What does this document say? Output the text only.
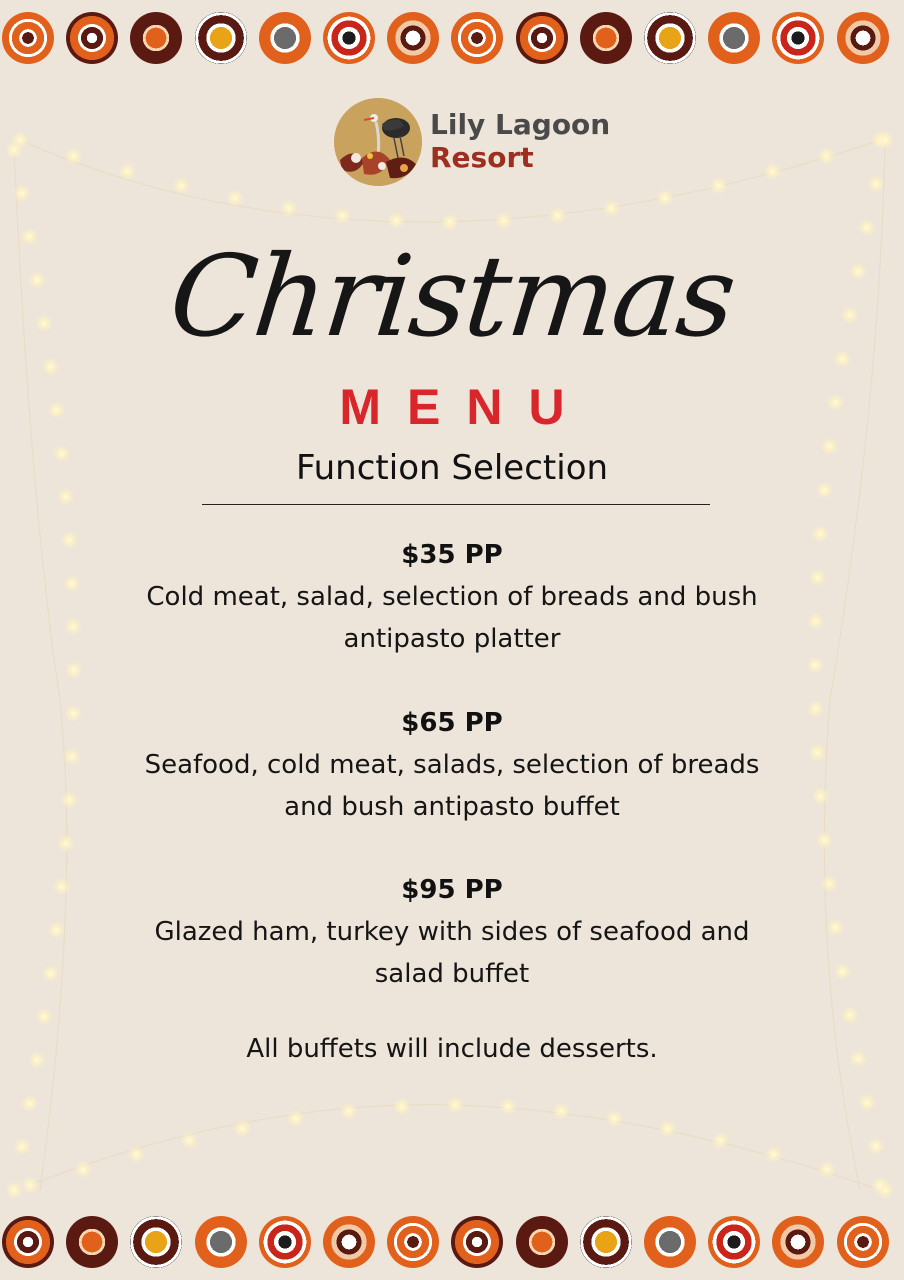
Lily Lagoon
Resort
Christmas
MENU
Function Selection
$35 PP
Cold meat, salad, selection of breads and bush antipasto platter
$65 PP
Seafood, cold meat, salads, selection of breads and bush antipasto buffet
$95 PP
Glazed ham, turkey with sides of seafood and salad buffet
All buffets will include desserts.
